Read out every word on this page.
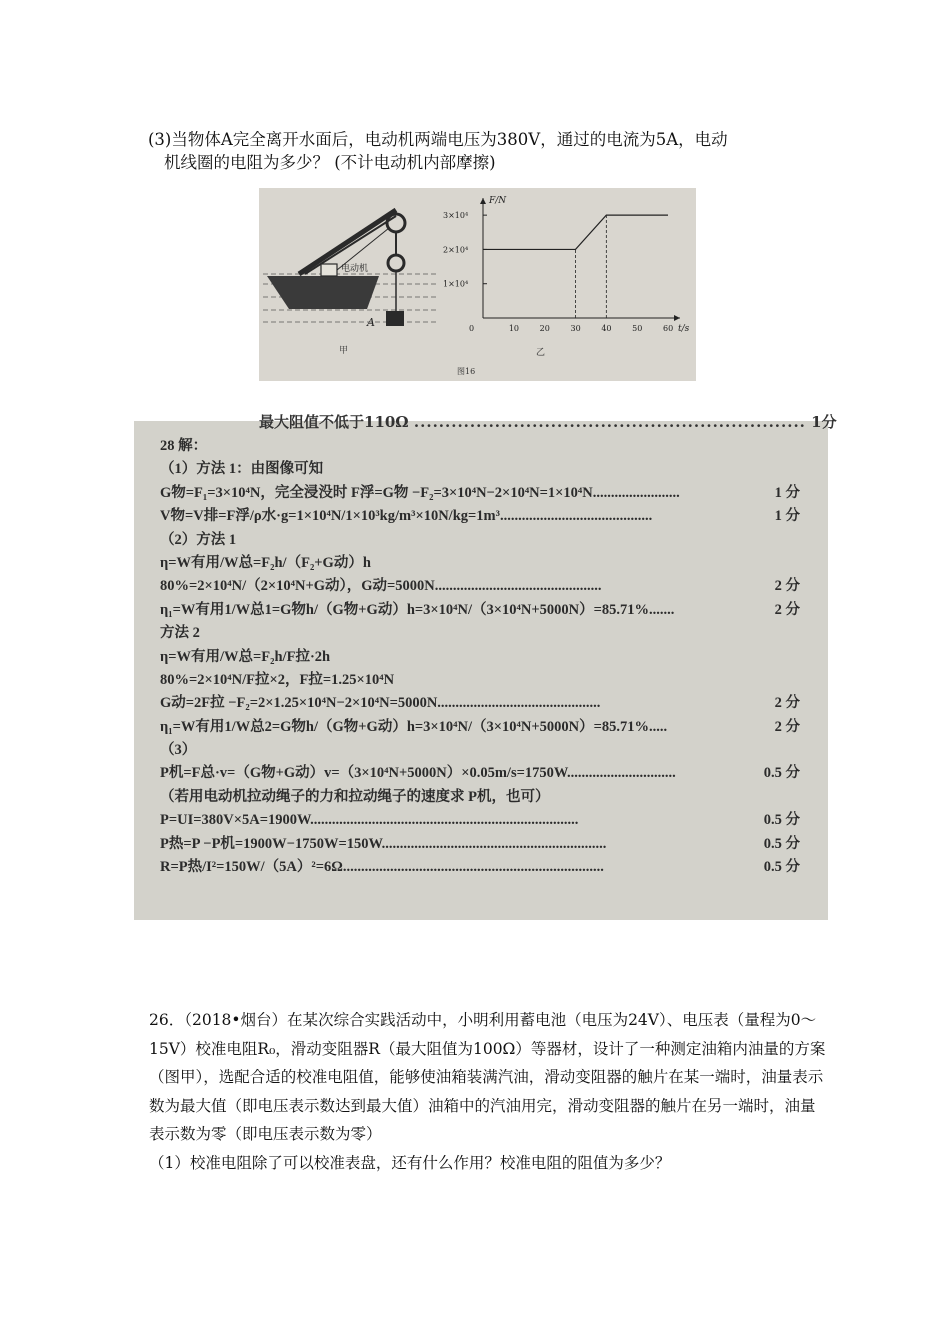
(3)当物体A完全离开水面后，电动机两端电压为380V，通过的电流为5A，电动
机线圈的电阻为多少？ (不计电动机内部摩擦)
电动机
A
甲
F/N
t/s
3×10⁴
2×10⁴
1×10⁴
0	10	20	30	40	50	60
乙
图16
最大阻值不低于110Ω ............................................................... 1分
28 解：
（1）方法 1：由图像可知
G物=F₁=3×10⁴N，完全浸没时 F浮=G物 −F₂=3×10⁴N−2×10⁴N=1×10⁴N........................	1 分
V物=V排=F浮/ρ水·g=1×10⁴N/1×10³kg/m³×10N/kg=1m³..........................................	1 分
（2）方法 1
η=W有用/W总=F₂h/（F₂+G动）h
80%=2×10⁴N/（2×10⁴N+G动），G动=5000N..............................................	2 分
η₁=W有用1/W总1=G物h/（G物+G动）h=3×10⁴N/（3×10⁴N+5000N）=85.71%.......	2 分
方法 2
η=W有用/W总=F₂h/F拉·2h
80%=2×10⁴N/F拉×2，F拉=1.25×10⁴N
G动=2F拉 −F₂=2×1.25×10⁴N−2×10⁴N=5000N.............................................	2 分
η₁=W有用1/W总2=G物h/（G物+G动）h=3×10⁴N/（3×10⁴N+5000N）=85.71%.....	2 分
（3）
P机=F总·v=（G物+G动）v=（3×10⁴N+5000N）×0.05m/s=1750W..............................	0.5 分
（若用电动机拉动绳子的力和拉动绳子的速度求 P机，也可）
P=UI=380V×5A=1900W..........................................................................	0.5 分
P热=P −P机=1900W−1750W=150W..............................................................	0.5 分
R=P热/I²=150W/（5A）²=6Ω........................................................................	0.5 分

26．（2018•烟台）在某次综合实践活动中，小明利用蓄电池（电压为24V）、电压表（量程为0～15V）校准电阻R₀，滑动变阻器R（最大阻值为100Ω）等器材，设计了一种测定油箱内油量的方案（图甲），选配合适的校准电阻值，能够使油箱装满汽油，滑动变阻器的触片在某一端时，油量表示数为最大值（即电压表示数达到最大值）油箱中的汽油用完，滑动变阻器的触片在另一端时，油量表示数为零（即电压表示数为零）

（1）校准电阻除了可以校准表盘，还有什么作用？校准电阻的阻值为多少？
